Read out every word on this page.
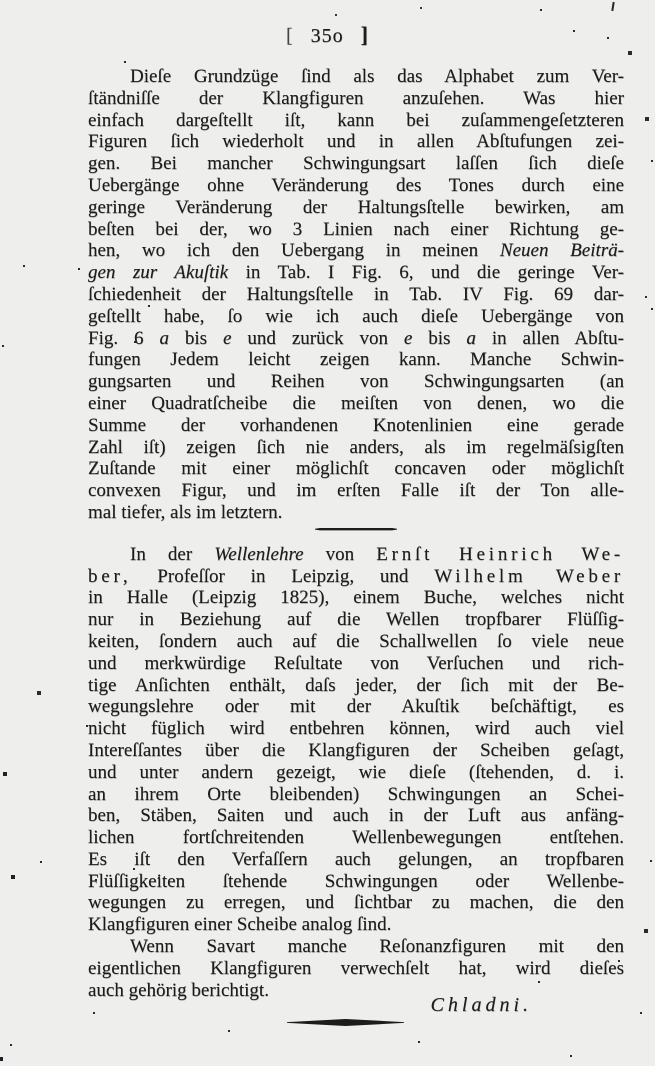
[ 35o ]
Dieſe Grundzüge ſind als das Alphabet zum Ver-
ſtändniſſe der Klangfiguren anzuſehen. Was hier
einfach dargeſtellt iſt, kann bei zuſammengeſetzteren
Figuren ſich wiederholt und in allen Abſtufungen zei-
gen. Bei mancher Schwingungsart laſſen ſich dieſe
Uebergänge ohne Veränderung des Tones durch eine
geringe Veränderung der Haltungsſtelle bewirken, am
beſten bei der, wo 3 Linien nach einer Richtung ge-
hen, wo ich den Uebergang in meinen Neuen Beiträ-
gen zur Akuſtik in Tab. I Fig. 6, und die geringe Ver-
ſchiedenheit der Haltungsſtelle in Tab. IV Fig. 69 dar-
geſtellt habe, ſo wie ich auch dieſe Uebergänge von
Fig. 6 a bis e und zurück von e bis a in allen Abſtu-
fungen Jedem leicht zeigen kann. Manche Schwin-
gungsarten und Reihen von Schwingungsarten (an
einer Quadratſcheibe die meiſten von denen, wo die
Summe der vorhandenen Knotenlinien eine gerade
Zahl iſt) zeigen ſich nie anders, als im regelmäſsigſten
Zuſtande mit einer möglichſt concaven oder möglichſt
convexen Figur, und im erſten Falle iſt der Ton alle-
mal tiefer, als im letztern.
In der Wellenlehre von Ernſt Heinrich We-
ber, Profeſſor in Leipzig, und Wilhelm Weber
in Halle (Leipzig 1825), einem Buche, welches nicht
nur in Beziehung auf die Wellen tropfbarer Flüſſig-
keiten, ſondern auch auf die Schallwellen ſo viele neue
und merkwürdige Reſultate von Verſuchen und rich-
tige Anſichten enthält, daſs jeder, der ſich mit der Be-
wegungslehre oder mit der Akuſtik beſchäftigt, es
nicht füglich wird entbehren können, wird auch viel
Intereſſantes über die Klangfiguren der Scheiben geſagt,
und unter andern gezeigt, wie dieſe (ſtehenden, d. i.
an ihrem Orte bleibenden) Schwingungen an Schei-
ben, Stäben, Saiten und auch in der Luft aus anfäng-
lichen fortſchreitenden Wellenbewegungen entſtehen.
Es iſt den Verfaſſern auch gelungen, an tropfbaren
Flüſſigkeiten ſtehende Schwingungen oder Wellenbe-
wegungen zu erregen, und ſichtbar zu machen, die den
Klangfiguren einer Scheibe analog ſind.
Wenn Savart manche Reſonanzfiguren mit den
eigentlichen Klangfiguren verwechſelt hat, wird dieſes
auch gehörig berichtigt.
Chladni.
